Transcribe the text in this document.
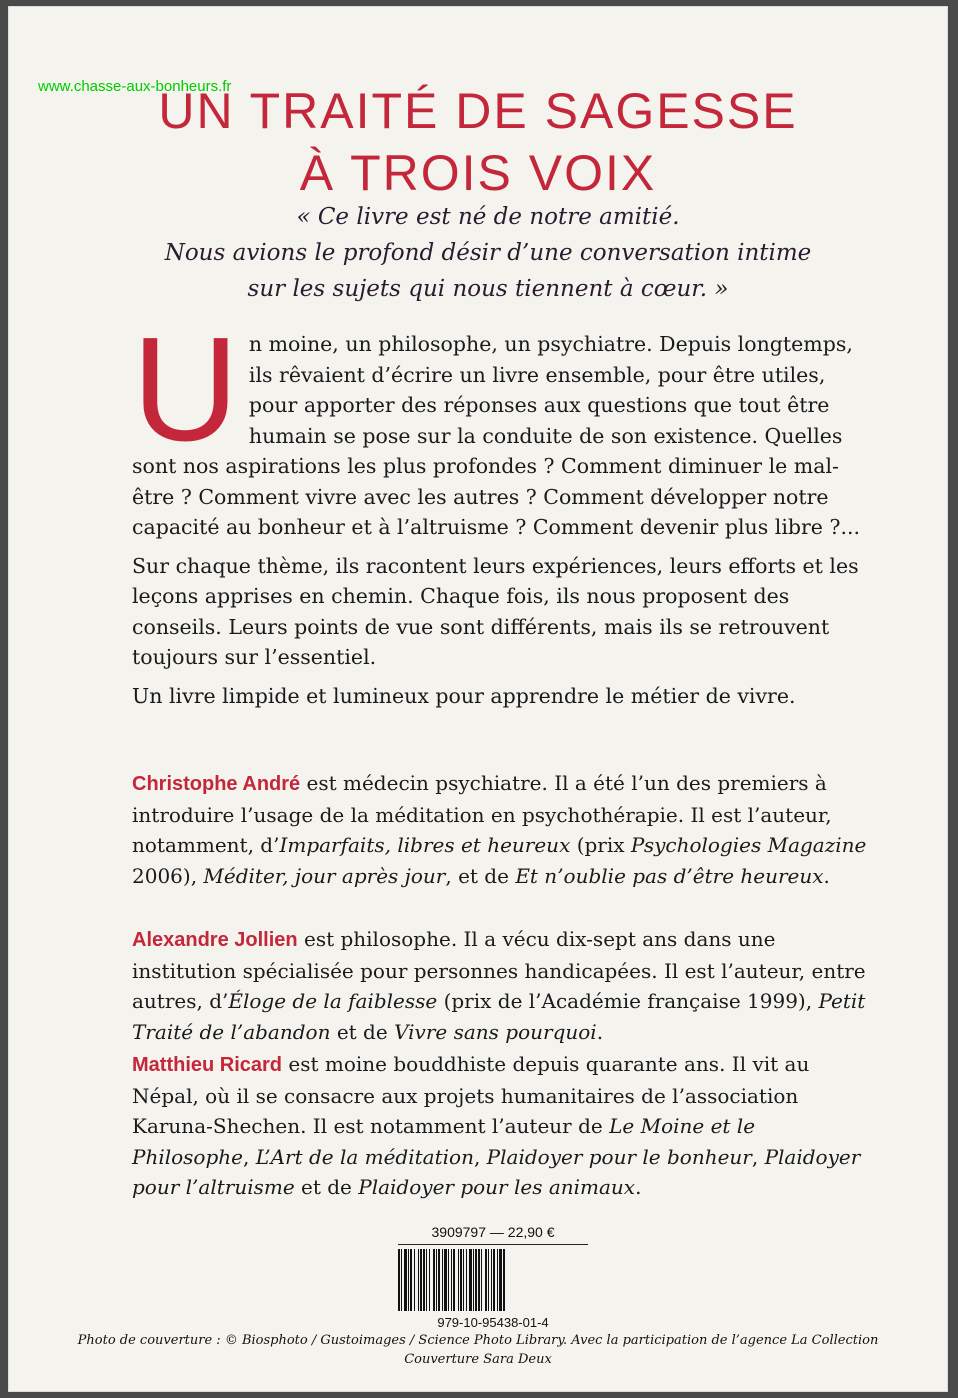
www.chasse-aux-bonheurs.fr
UN TRAITÉ DE SAGESSE
À TROIS VOIX
« Ce livre est né de notre amitié.
Nous avions le profond désir d’une conversation intime
sur les sujets qui nous tiennent à cœur. »

Un moine, un philosophe, un psychiatre. Depuis longtemps, ils rêvaient d’écrire un livre ensemble, pour être utiles, pour apporter des réponses aux questions que tout être humain se pose sur la conduite de son existence. Quelles sont nos aspirations les plus profondes ? Comment diminuer le mal-être ? Comment vivre avec les autres ? Comment développer notre capacité au bonheur et à l’altruisme ? Comment devenir plus libre ?...

Sur chaque thème, ils racontent leurs expériences, leurs efforts et les leçons apprises en chemin. Chaque fois, ils nous proposent des conseils. Leurs points de vue sont différents, mais ils se retrouvent toujours sur l’essentiel.

Un livre limpide et lumineux pour apprendre le métier de vivre.

Christophe André est médecin psychiatre. Il a été l’un des premiers à introduire l’usage de la méditation en psychothérapie. Il est l’auteur, notamment, d’Imparfaits, libres et heureux (prix Psychologies Magazine 2006), Méditer, jour après jour, et de Et n’oublie pas d’être heureux.
Alexandre Jollien est philosophe. Il a vécu dix-sept ans dans une institution spécialisée pour personnes handicapées. Il est l’auteur, entre autres, d’Éloge de la faiblesse (prix de l’Académie française 1999), Petit Traité de l’abandon et de Vivre sans pourquoi.
Matthieu Ricard est moine bouddhiste depuis quarante ans. Il vit au Népal, où il se consacre aux projets humanitaires de l’association Karuna-Shechen. Il est notamment l’auteur de Le Moine et le Philosophe, L’Art de la méditation, Plaidoyer pour le bonheur, Plaidoyer pour l’altruisme et de Plaidoyer pour les animaux.
3909797 — 22,90 €
979-10-95438-01-4
Photo de couverture : © Biosphoto / Gustoimages / Science Photo Library. Avec la participation de l’agence La Collection
Couverture Sara Deux
